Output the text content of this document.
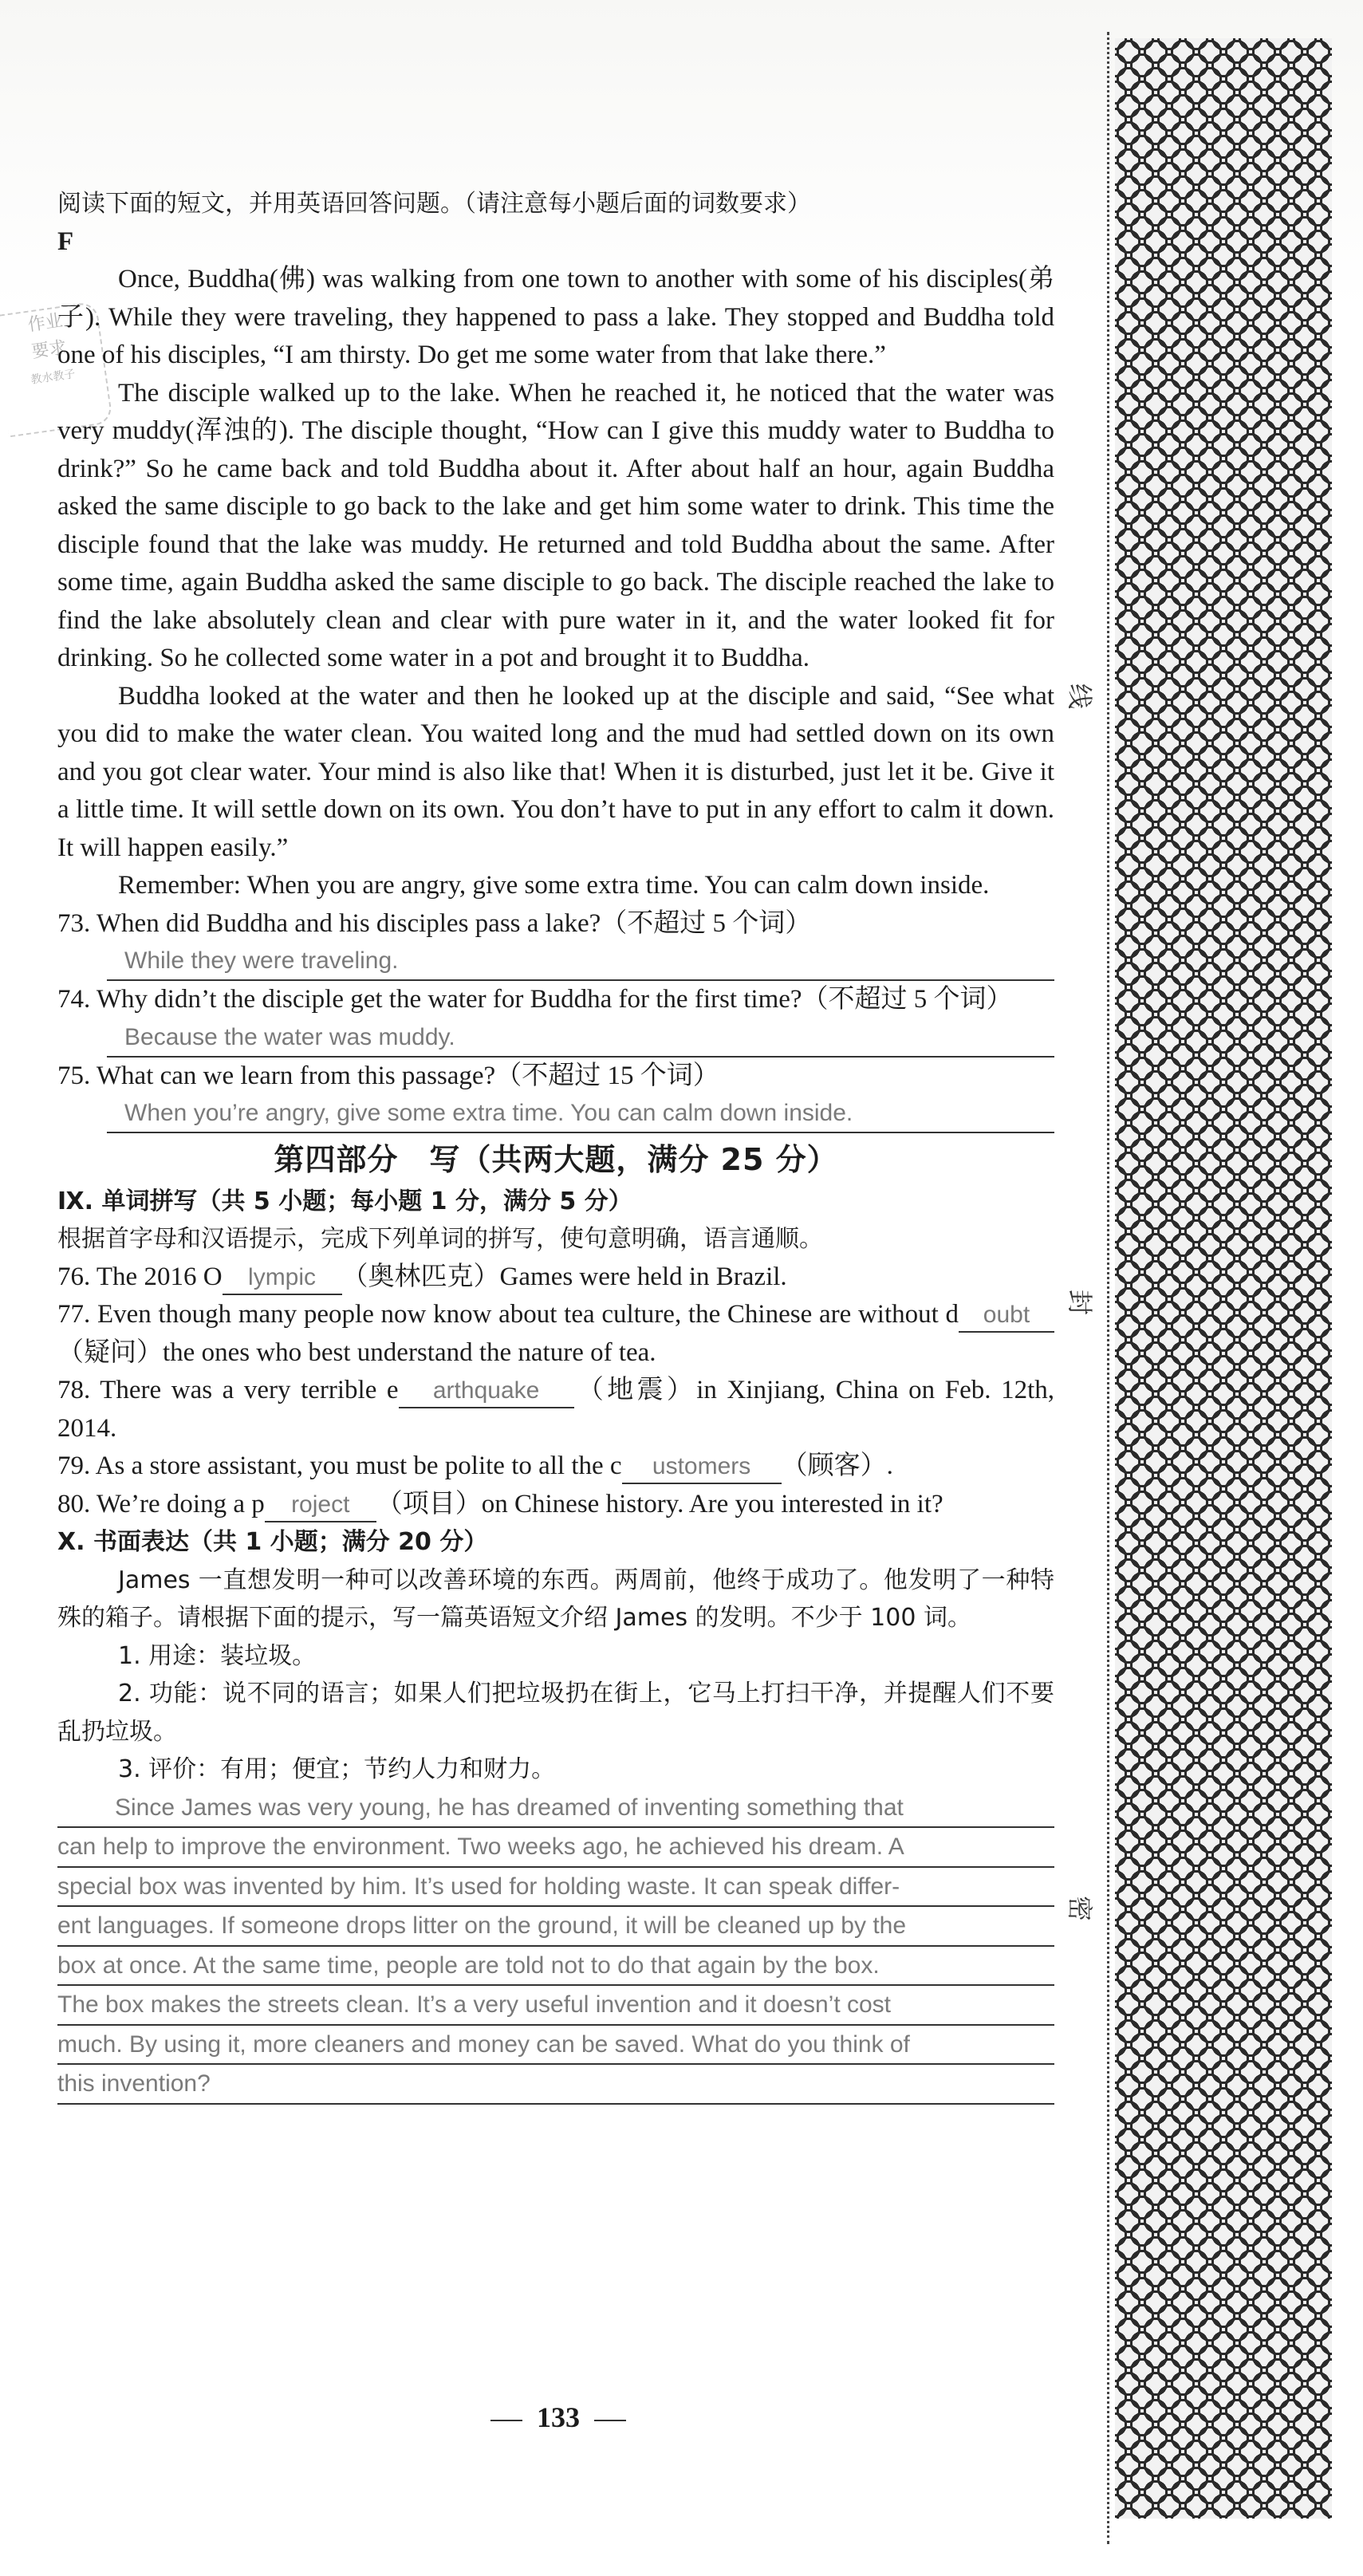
作业
要求
教水教子

阅读下面的短文，并用英语回答问题。（请注意每小题后面的词数要求）

F

Once, Buddha(佛) was walking from one town to another with some of his disciples(弟子). While they were traveling, they happened to pass a lake. They stopped and Buddha told one of his disciples, “I am thirsty. Do get me some water from that lake there.”

The disciple walked up to the lake. When he reached it, he noticed that the water was very muddy(浑浊的). The disciple thought, “How can I give this muddy water to Buddha to drink?” So he came back and told Buddha about it. After about half an hour, again Buddha asked the same disciple to go back to the lake and get him some water to drink. This time the disciple found that the lake was muddy. He returned and told Buddha about the same. After some time, again Buddha asked the same disciple to go back. The disciple reached the lake to find the lake absolutely clean and clear with pure water in it, and the water looked fit for drinking. So he collected some water in a pot and brought it to Buddha.

Buddha looked at the water and then he looked up at the disciple and said, “See what you did to make the water clean. You waited long and the mud had settled down on its own and you got clear water. Your mind is also like that! When it is disturbed, just let it be. Give it a little time. It will settle down on its own. You don’t have to put in any effort to calm it down. It will happen easily.”

Remember: When you are angry, give some extra time. You can calm down inside.

73. When did Buddha and his disciples pass a lake?（不超过 5 个词）

While they were traveling.

74. Why didn’t the disciple get the water for Buddha for the first time?（不超过 5 个词）

Because the water was muddy.

75. What can we learn from this passage?（不超过 15 个词）

When you’re angry, give some extra time. You can calm down inside.
第四部分　写（共两大题，满分 25 分）

Ⅸ. 单词拼写（共 5 小题；每小题 1 分，满分 5 分）

根据首字母和汉语提示，完成下列单词的拼写，使句意明确，语言通顺。

76. The 2016 O lympic （奥林匹克）Games were held in Brazil.

77. Even though many people now know about tea culture, the Chinese are without d oubt（疑问）the ones who best understand the nature of tea.

78. There was a very terrible e arthquake （地震）in Xinjiang, China on Feb. 12th, 2014.

79. As a store assistant, you must be polite to all the c ustomers （顾客）.

80. We’re doing a p roject （项目）on Chinese history. Are you interested in it?

Ⅹ. 书面表达（共 1 小题；满分 20 分）

James 一直想发明一种可以改善环境的东西。两周前，他终于成功了。他发明了一种特殊的箱子。请根据下面的提示，写一篇英语短文介绍 James 的发明。不少于 100 词。

1. 用途：装垃圾。

2. 功能：说不同的语言；如果人们把垃圾扔在街上，它马上打扫干净，并提醒人们不要乱扔垃圾。

3. 评价：有用；便宜；节约人力和财力。

Since James was very young, he has dreamed of inventing something that
can help to improve the environment. Two weeks ago, he achieved his dream. A
special box was invented by him. It’s used for holding waste. It can speak differ-
ent languages. If someone drops litter on the ground, it will be cleaned up by the
box at once. At the same time, people are told not to do that again by the box.
The box makes the streets clean. It’s a very useful invention and it doesn’t cost
much. By using it, more cleaners and money can be saved. What do you think of
this invention?
133
线
封
密
